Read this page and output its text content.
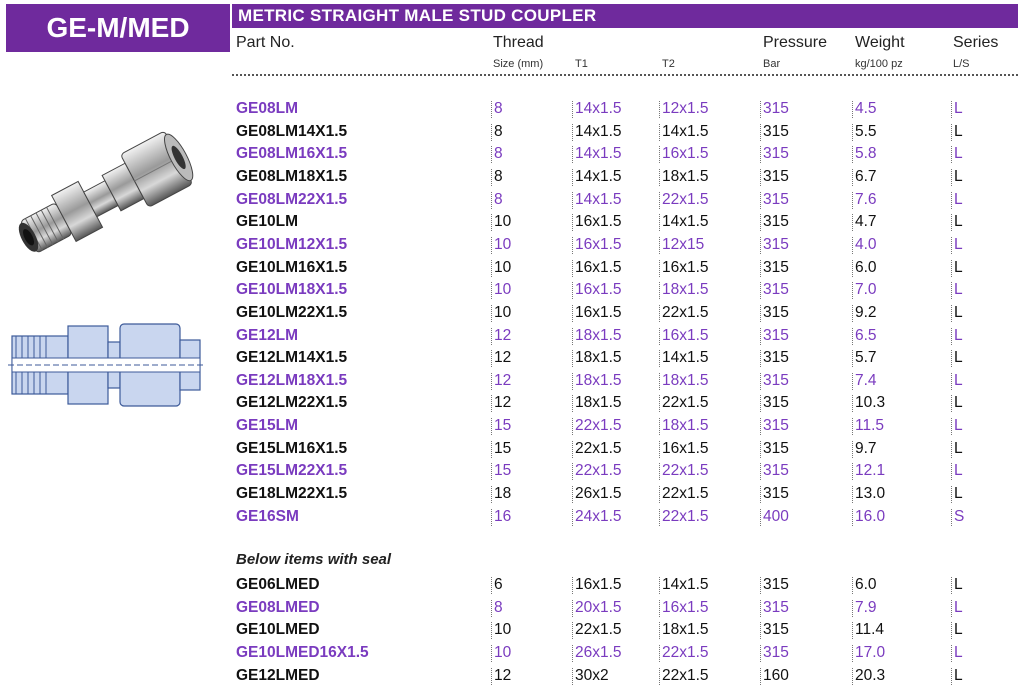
GE-M/MED	METRIC STRAIGHT MALE STUD COUPLER
Part No.	Thread	Pressure Weight	Series
Size (mm)	T1	T2	Bar	kg/100 pz	L/S
GE08LM	8	14x1.5	12x1.5	315	4.5	L
GE08LM14X1.5	8	14x1.5	14x1.5	315	5.5	L
GE08LM16X1.5	8	14x1.5	16x1.5	315	5.8	L
GE08LM18X1.5	8	14x1.5	18x1.5	315	6.7	L
GE08LM22X1.5	8	14x1.5	22x1.5	315	7.6	L
GE10LM	10	16x1.5	14x1.5	315	4.7	L
GE10LM12X1.5	10	16x1.5	12x15	315	4.0	L
GE10LM16X1.5	10	16x1.5	16x1.5	315	6.0	L
GE10LM18X1.5	10	16x1.5	18x1.5	315	7.0	L
GE10LM22X1.5	10	16x1.5	22x1.5	315	9.2	L
GE12LM	12	18x1.5	16x1.5	315	6.5	L
GE12LM14X1.5	12	18x1.5	14x1.5	315	5.7	L
GE12LM18X1.5	12	18x1.5	18x1.5	315	7.4	L
GE12LM22X1.5	12	18x1.5	22x1.5	315	10.3	L
GE15LM	15	22x1.5	18x1.5	315	11.5	L
GE15LM16X1.5	15	22x1.5	16x1.5	315	9.7	L
GE15LM22X1.5	15	22x1.5	22x1.5	315	12.1	L
GE18LM22X1.5	18	26x1.5	22x1.5	315	13.0	L
GE16SM	16	24x1.5	22x1.5	400	16.0	S
Below items with seal
GE06LMED	6	16x1.5	14x1.5	315	6.0	L
GE08LMED	8	20x1.5	16x1.5	315	7.9	L
GE10LMED	10	22x1.5	18x1.5	315	11.4	L
GE10LMED16X1.5	10	26x1.5	22x1.5	315	17.0	L
GE12LMED	12	30x2	22x1.5	160	20.3	L
